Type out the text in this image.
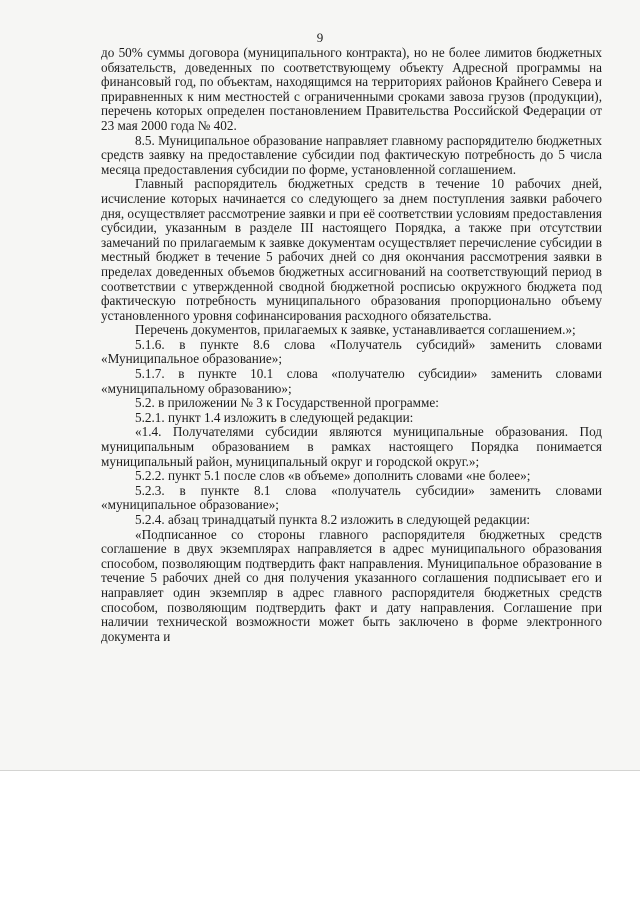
9

до 50% суммы договора (муниципального контракта), но не более лимитов бюджетных обязательств, доведенных по соответствующему объекту Адресной программы на финансовый год, по объектам, находящимся на территориях районов Крайнего Севера и приравненных к ним местностей с ограниченными сроками завоза грузов (продукции), перечень которых определен постановлением Правительства Российской Федерации от 23 мая 2000 года № 402.

8.5. Муниципальное образование направляет главному распорядителю бюджетных средств заявку на предоставление субсидии под фактическую потребность до 5 числа месяца предоставления субсидии по форме, установленной соглашением.

Главный распорядитель бюджетных средств в течение 10 рабочих дней, исчисление которых начинается со следующего за днем поступления заявки рабочего дня, осуществляет рассмотрение заявки и при её соответствии условиям предоставления субсидии, указанным в разделе III настоящего Порядка, а также при отсутствии замечаний по прилагаемым к заявке документам осуществляет перечисление субсидии в местный бюджет в течение 5 рабочих дней со дня окончания рассмотрения заявки в пределах доведенных объемов бюджетных ассигнований на соответствующий период в соответствии с утвержденной сводной бюджетной росписью окружного бюджета под фактическую потребность муниципального образования пропорционально объему установленного уровня софинансирования расходного обязательства.

Перечень документов, прилагаемых к заявке, устанавливается соглашением.»;

5.1.6. в пункте 8.6 слова «Получатель субсидий» заменить словами «Муниципальное образование»;

5.1.7. в пункте 10.1 слова «получателю субсидии» заменить словами «муниципальному образованию»;

5.2. в приложении № 3 к Государственной программе:

5.2.1. пункт 1.4 изложить в следующей редакции:

«1.4. Получателями субсидии являются муниципальные образования. Под муниципальным образованием в рамках настоящего Порядка понимается муниципальный район, муниципальный округ и городской округ.»;

5.2.2. пункт 5.1 после слов «в объеме» дополнить словами «не более»;

5.2.3. в пункте 8.1 слова «получатель субсидии» заменить словами «муниципальное образование»;

5.2.4. абзац тринадцатый пункта 8.2 изложить в следующей редакции:

«Подписанное со стороны главного распорядителя бюджетных средств соглашение в двух экземплярах направляется в адрес муниципального образования способом, позволяющим подтвердить факт направления. Муниципальное образование в течение 5 рабочих дней со дня получения указанного соглашения подписывает его и направляет один экземпляр в адрес главного распорядителя бюджетных средств способом, позволяющим подтвердить факт и дату направления. Соглашение при наличии технической возможности может быть заключено в форме электронного документа и
